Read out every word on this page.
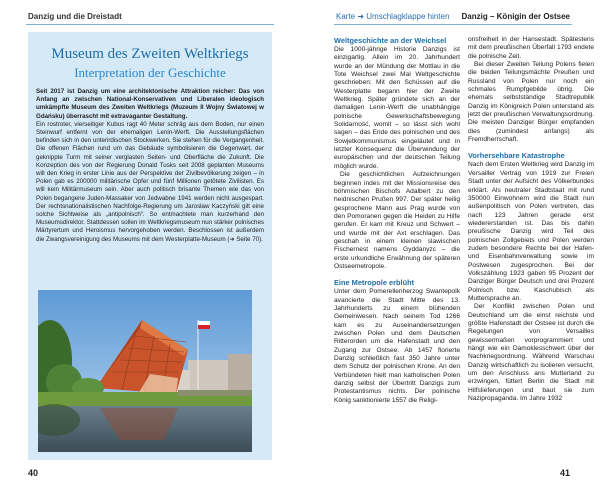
Danzig und die Dreistadt
Museum des Zweiten Weltkriegs
Interpretation der Geschichte

Seit 2017 ist Danzig um eine architektonische Attraktion reicher: Das von Anfang an zwischen National-Konservativen und Liberalen ideologisch umkämpfte Museum des Zweiten Weltkriegs (Muzeum II Wojny Światowej w Gdańsku) überrascht mit extravaganter Gestaltung.

Ein rostroter, vierseitiger Kubus ragt 40 Meter schräg aus dem Boden, nur einen Steinwurf entfernt von der ehemaligen Lenin-Werft. Die Ausstellungsflächen befinden sich in den unterirdischen Stockwerken. Sie stehen für die Vergangenheit. Die offenen Flächen rund um das Gebäude symbolisieren die Gegenwart, der geknippte Turm mit seiner verglasten Seiten- und Oberfläche die Zukunft. Die Konzeption des von der Regierung Donald Tusks seit 2008 geplanten Museums will den Krieg in erster Linie aus der Perspektive der Zivilbevölkerung zeigen – in Polen gab es 200000 militärische Opfer und fünf Millionen getötete Zivilisten. Es will kein Militärmuseum sein. Aber auch politisch brisante Themen wie das von Polen begangene Juden-Massaker von Jedwabne 1941 werden nicht ausgespart. Der rechtsnationalistischen Nachfolge-Regierung um Jarosław Kaczyński gilt eine solche Sichtweise als „antipolnisch“. So entmachtete man kurzerhand den Museumsdirektor. Stattdessen sollen im Weltkriegsmuseum nun stärker polnisches Märtyrertum und Heroismus hervorgehoben werden. Beschlossen ist außerdem die Zwangsvereinigung des Museums mit dem Westerplatte-Museum (➜ Seite 70).

40
Karte ➜ Umschlagklappe hinten Danzig – Königin der Ostsee
Weltgeschichte an der Weichsel

Die 1000-jährige Historie Danzigs ist einzigartig. Allein im 20. Jahrhundert wurde an der Mündung der Mottlau in die Tote Weichsel zwei Mal Weltgeschichte geschrieben: Mit den Schüssen auf die Westerplatte begann hier der Zweite Weltkrieg. Später gründete sich an der damaligen Lenin-Werft die unabhängige polnische Gewerkschaftsbewegung Solidarność, womit – so lässt sich wohl sagen – das Ende des polnischen und des Sowjetkommunismus eingeläutet und in letzter Konsequenz die Überwindung der europäischen und der deutschen Teilung möglich wurde.

Die geschichtlichen Aufzeichnungen beginnen indes mit der Missionsreise des böhmischen Bischofs Adalbert zu den heidnischen Prußen 997. Der später heilig gesprochene Mann aus Prag wurde von den Pomoranen gegen die Heiden zu Hilfe gerufen. Er kam mit Kreuz und Schwert – und wurde mit der Axt erschlagen. Das geschah in einem kleinen slawischen Fischernest namens Gyddanyzc – die erste urkundliche Erwähnung der späteren Ostseemetropole.

Eine Metropole erblüht

Unter dem Pomerellenherzog Swantepolk avancierte die Stadt Mitte des 13. Jahrhunderts zu einem blühenden Gemeinwesen. Nach seinem Tod 1266 kam es zu Auseinandersetzungen zwischen Polen und dem Deutschen Ritterorden um die Hafenstadt und den Zugang zur Ostsee. Ab 1457 florierte Danzig schließlich fast 350 Jahre unter dem Schutz der polnischen Krone. An den Verbündeten hielt man katholischen Polen danzig selbst der Übertritt Danzigs zum Protestantismus nichts. Der polnische König sanktionierte 1557 die Religi-

onsfreiheit in der Hansestadt. Spätestens mit dem preußischen Überfall 1793 endete die polnische Zeit.

Bei dieser Zweiten Teilung Polens fielen die beiden Teilungsmächte Preußen und Russland von Polen nur noch ein schmales Rumpfgebilde übrig. Die ehemals selbstständige Stadtrepublik Danzig im Königreich Polen unterstand als jetzt der preußischen Verwaltungsordnung. Die meisten Danziger Bürger empfanden dies (zumindest anfangs) als Fremdherrschaft.

Vorhersehbare Katastrophe

Nach dem Ersten Weltkrieg wird Danzig im Versailler Vertrag von 1919 zur Freien Stadt unter der Aufsicht des Völkerbundes erklärt. Als neutraler Stadtstaat mit rund 350000 Einwohnern wird die Stadt nun außenpolitisch von Polen vertreten, das nach 123 Jahren gerade erst wiedererstanden ist. Das bis dahin preußische Danzig wird Teil des polnischen Zollgebiets und Polen werden zudem besondere Rechte bei der Hafen- und Eisenbahnverwaltung sowie im Postwesen zugesprochen. Bei der Volkszählung 1923 gaben 95 Prozent der Danziger Bürger Deutsch und drei Prozent Polnisch bzw. Kaschubisch als Muttersprache an.

Der Konflikt zwischen Polen und Deutschland um die einst reichste und größte Hafenstadt der Ostsee ist durch die Regelungen von Versailles gewissermaßen vorprogrammiert und hängt wie ein Damoklesschwert über der Nachkriegsordnung. Während Warschau Danzig wirtschaftlich zu isolieren versucht, um den Anschluss ans Mutterland zu erzwingen, füttert Berlin die Stadt mit Hilfslieferungen und baut sie zum Nazipropaganda. Im Jahre 1932

41
